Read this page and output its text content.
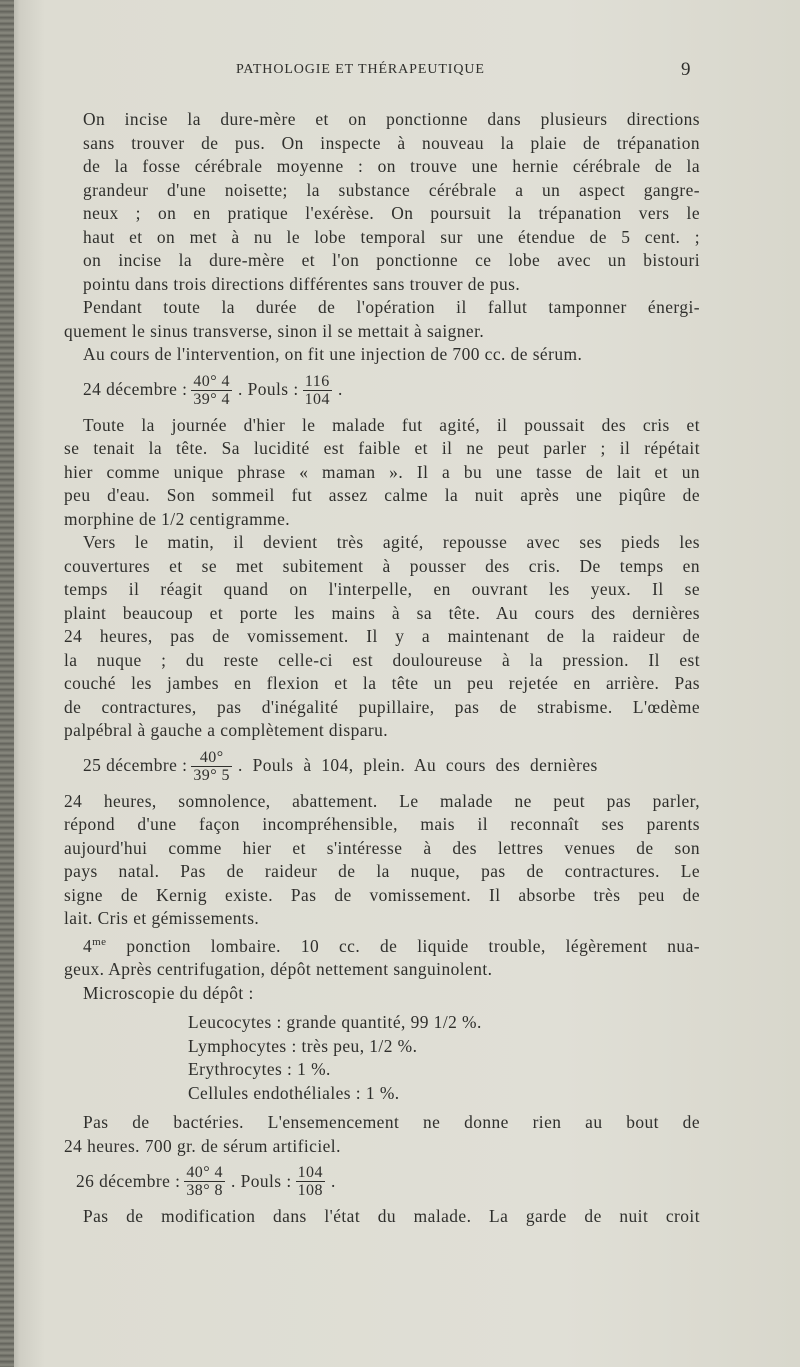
PATHOLOGIE ET THÉRAPEUTIQUE	9
On incise la dure-mère et on ponctionne dans plusieurs directions
sans trouver de pus. On inspecte à nouveau la plaie de trépanation
de la fosse cérébrale moyenne : on trouve une hernie cérébrale de la
grandeur d'une noisette; la substance cérébrale a un aspect gangre-
neux ; on en pratique l'exérèse. On poursuit la trépanation vers le
haut et on met à nu le lobe temporal sur une étendue de 5 cent. ;
on incise la dure-mère et l'on ponctionne ce lobe avec un bistouri
pointu dans trois directions différentes sans trouver de pus.
Pendant toute la durée de l'opération il fallut tamponner énergi-
quement le sinus transverse, sinon il se mettait à saigner.
Au cours de l'intervention, on fit une injection de 700 cc. de sérum.
24 décembre : $\frac{40^\circ 4}{39^\circ 4}$ . Pouls : $\frac{116}{104}$ .
Toute la journée d'hier le malade fut agité, il poussait des cris et
se tenait la tête. Sa lucidité est faible et il ne peut parler ; il répétait
hier comme unique phrase « maman ». Il a bu une tasse de lait et un
peu d'eau. Son sommeil fut assez calme la nuit après une piqûre de
morphine de 1/2 centigramme.
Vers le matin, il devient très agité, repousse avec ses pieds les
couvertures et se met subitement à pousser des cris. De temps en
temps il réagit quand on l'interpelle, en ouvrant les yeux. Il se
plaint beaucoup et porte les mains à sa tête. Au cours des dernières
24 heures, pas de vomissement. Il y a maintenant de la raideur de
la nuque ; du reste celle-ci est douloureuse à la pression. Il est
couché les jambes en flexion et la tête un peu rejetée en arrière. Pas
de contractures, pas d'inégalité pupillaire, pas de strabisme. L'œdème
palpébral à gauche a complètement disparu.
25 décembre : $\frac{40^\circ}{39^\circ 5}$ . Pouls à 104, plein. Au cours des dernières
24 heures, somnolence, abattement. Le malade ne peut pas parler,
répond d'une façon incompréhensible, mais il reconnaît ses parents
aujourd'hui comme hier et s'intéresse à des lettres venues de son
pays natal. Pas de raideur de la nuque, pas de contractures. Le
signe de Kernig existe. Pas de vomissement. Il absorbe très peu de
lait. Cris et gémissements.
$4^{me}$ ponction lombaire. 10 cc. de liquide trouble, légèrement nua-
geux. Après centrifugation, dépôt nettement sanguinolent.
Microscopie du dépôt :
Leucocytes : grande quantité, 99 1/2 %.
Lymphocytes : très peu, 1/2 %.
Erythrocytes : 1 %.
Cellules endothéliales : 1 %.
Pas de bactéries. L'ensemencement ne donne rien au bout de
24 heures. 700 gr. de sérum artificiel.
26 décembre : $\frac{40^\circ 4}{38^\circ 8}$ . Pouls : $\frac{104}{108}$ .
Pas de modification dans l'état du malade. La garde de nuit croit
